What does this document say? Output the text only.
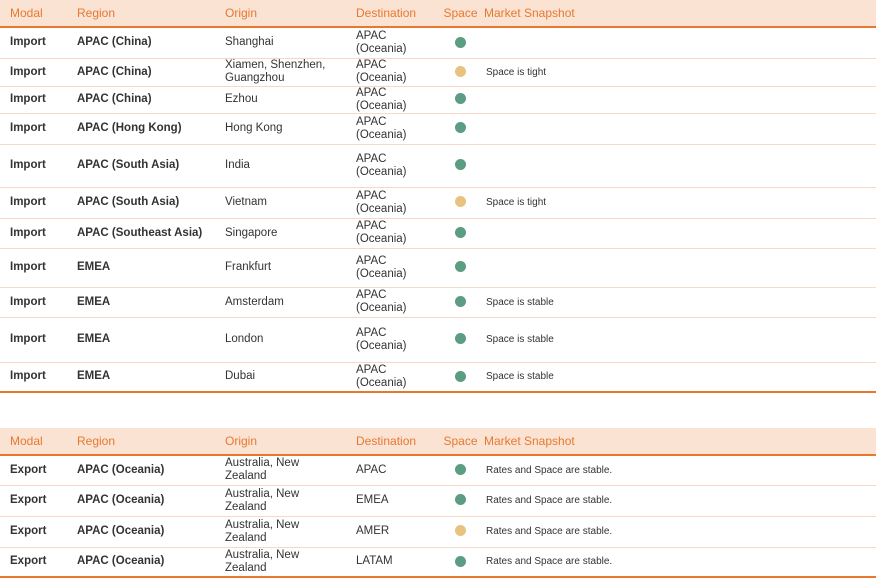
Modal	Region	Origin	Destination	Space	Market Snapshot
Import	APAC (China)	Shanghai	APAC (Oceania)		
Import	APAC (China)	Xiamen, Shenzhen, Guangzhou	APAC (Oceania)		Space is tight
Import	APAC (China)	Ezhou	APAC (Oceania)		
Import	APAC (Hong Kong)	Hong Kong	APAC (Oceania)		
Import	APAC (South Asia)	India	APAC (Oceania)		
Import	APAC (South Asia)	Vietnam	APAC (Oceania)		Space is tight
Import	APAC (Southeast Asia)	Singapore	APAC (Oceania)		
Import	EMEA	Frankfurt	APAC (Oceania)		
Import	EMEA	Amsterdam	APAC (Oceania)		Space is stable
Import	EMEA	London	APAC (Oceania)		Space is stable
Import	EMEA	Dubai	APAC (Oceania)		Space is stable
Modal	Region	Origin	Destination	Space	Market Snapshot
Export	APAC (Oceania)	Australia, New Zealand	APAC		Rates and Space are stable.
Export	APAC (Oceania)	Australia, New Zealand	EMEA		Rates and Space are stable.
Export	APAC (Oceania)	Australia, New Zealand	AMER		Rates and Space are stable.
Export	APAC (Oceania)	Australia, New Zealand	LATAM		Rates and Space are stable.
